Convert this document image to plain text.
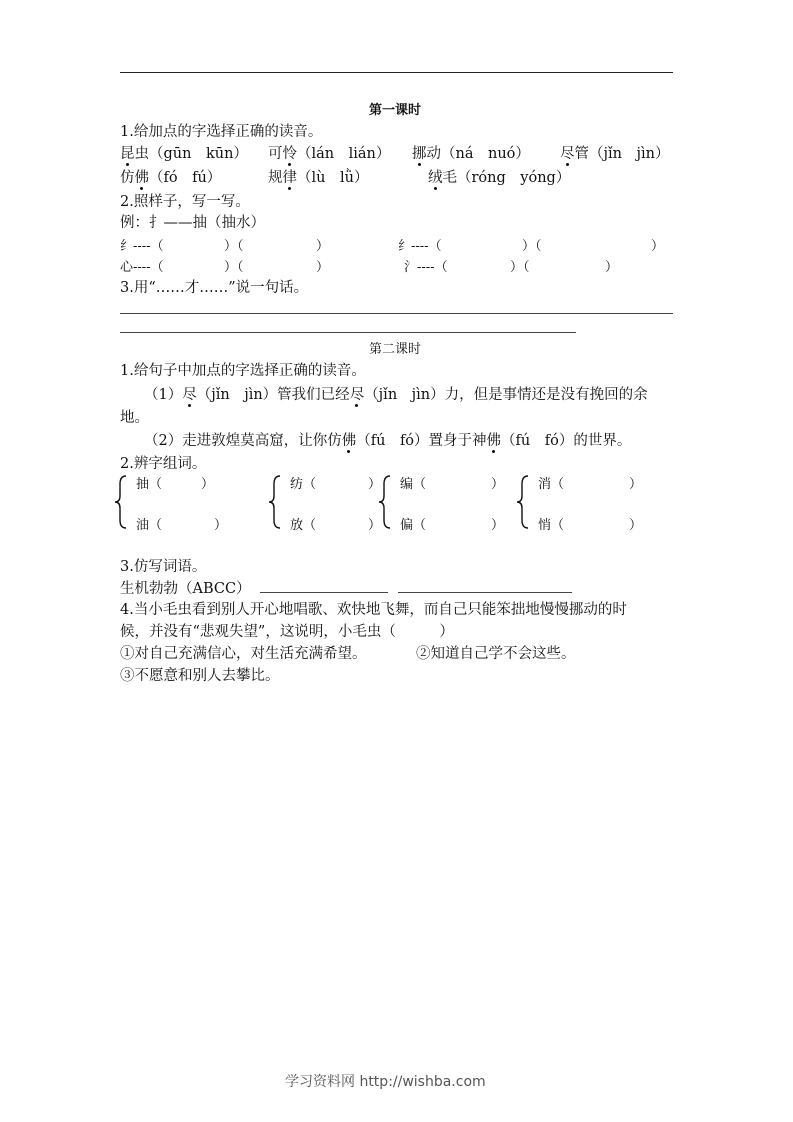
第一课时
1.给加点的字选择正确的读音。
昆虫（gūn　kūn） 可怜（lán　lián） 挪动（ná　nuó） 尽管（jǐn　jìn）
仿佛（fó　fú）	规律（lù　lǜ）	绒毛（róng　yóng）
2.照样子，写一写。
例：扌——抽（抽水）
纟----（	）（	）	纟----（	）（	）
心----（	）（	）	氵----（	）（	）
3.用“……才……”说一句话。
第二课时
1.给句子中加点的字选择正确的读音。
（1）尽（jǐn　jìn）管我们已经尽（jǐn　jìn）力，但是事情还是没有挽回的余
地。
（2）走进敦煌莫高窟，让你仿佛（fú　fó）置身于神佛（fú　fó）的世界。
2.辨字组词。
抽（　　　）
油（　　　　）
纺（　　　　）
放（　　　　）
编（　　　　　）
偏（　　　　　）
消（　　　　　）
悄（　　　　　）
3.仿写词语。
生机勃勃（ABCC）
4.当小毛虫看到别人开心地唱歌、欢快地飞舞，而自己只能笨拙地慢慢挪动的时
候，并没有“悲观失望”，这说明，小毛虫（　　　）
①对自己充满信心，对生活充满希望。	②知道自己学不会这些。
③不愿意和别人去攀比。
学习资料网 http://wishba.com
